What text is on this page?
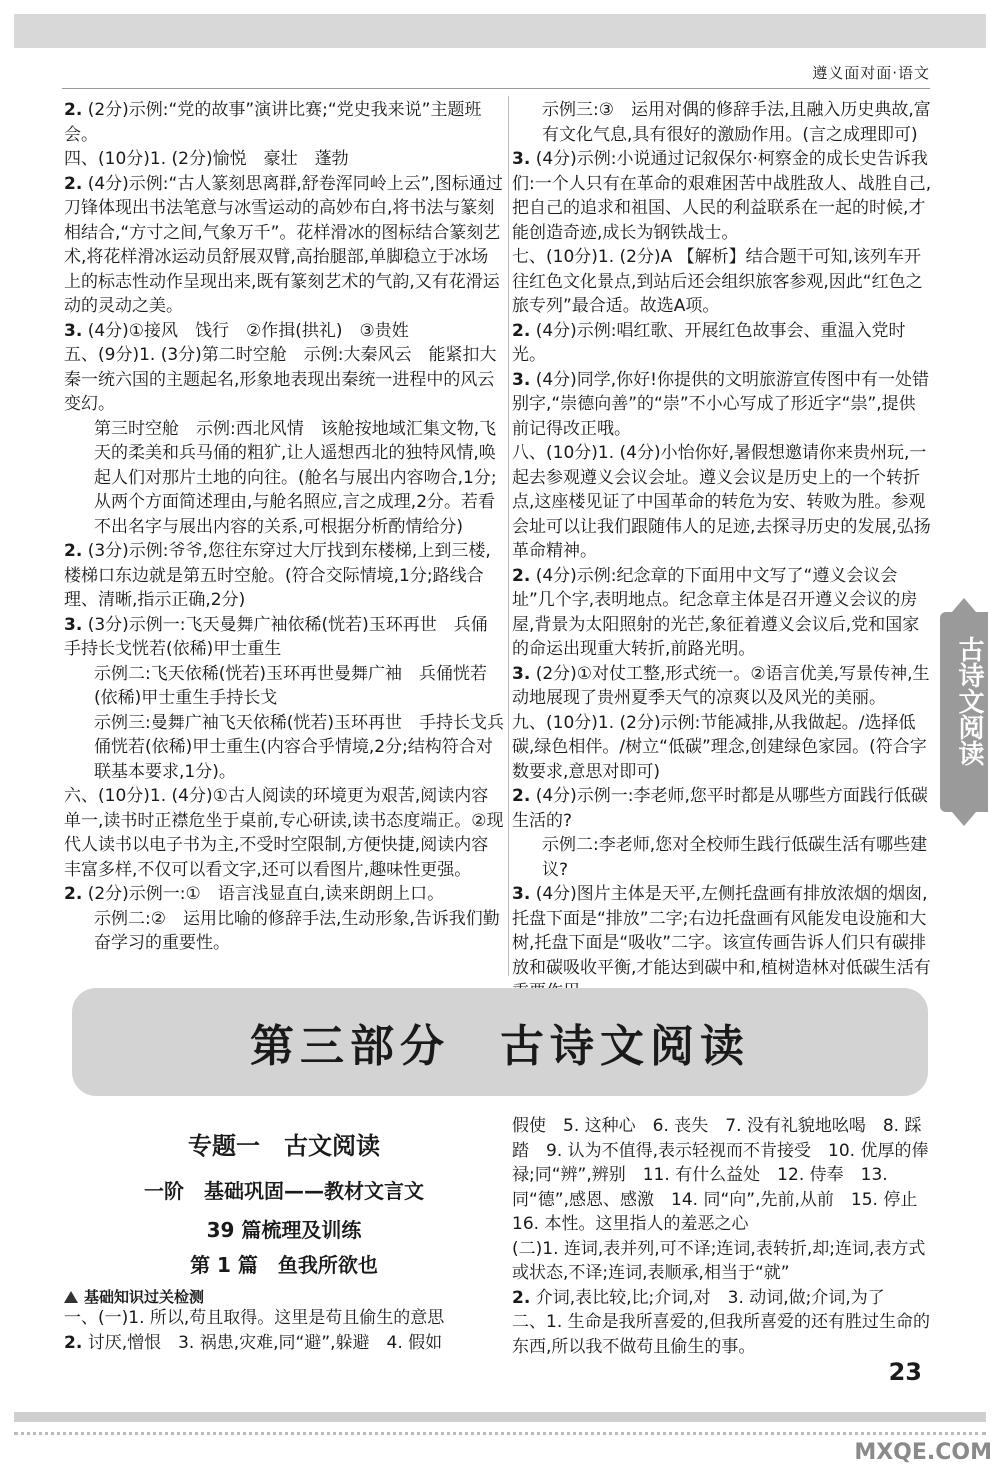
遵义面对面·语文

2. (2分)示例:“党的故事”演讲比赛;“党史我来说”主题班会。

四、(10分)1. (2分)愉悦　豪壮　蓬勃

2. (4分)示例:“古人篆刻思离群,舒卷浑同岭上云”,图标通过刀锋体现出书法笔意与冰雪运动的高妙布白,将书法与篆刻相结合,“方寸之间,气象万千”。花样滑冰的图标结合篆刻艺术,将花样滑冰运动员舒展双臂,高抬腿部,单脚稳立于冰场上的标志性动作呈现出来,既有篆刻艺术的气韵,又有花滑运动的灵动之美。

3. (4分)①接风　饯行　②作揖(拱礼)　③贵姓

五、(9分)1. (3分)第二时空舱　示例:大秦风云　能紧扣大秦一统六国的主题起名,形象地表现出秦统一进程中的风云变幻。

第三时空舱　示例:西北风情　该舱按地域汇集文物,飞天的柔美和兵马俑的粗犷,让人遥想西北的独特风情,唤起人们对那片土地的向往。(舱名与展出内容吻合,1分;从两个方面简述理由,与舱名照应,言之成理,2分。若看不出名字与展出内容的关系,可根据分析酌情给分)

2. (3分)示例:爷爷,您往东穿过大厅找到东楼梯,上到三楼,楼梯口东边就是第五时空舱。(符合交际情境,1分;路线合理、清晰,指示正确,2分)

3. (3分)示例一:飞天曼舞广袖依稀(恍若)玉环再世　兵俑手持长戈恍若(依稀)甲士重生

示例二:飞天依稀(恍若)玉环再世曼舞广袖　兵俑恍若(依稀)甲士重生手持长戈

示例三:曼舞广袖飞天依稀(恍若)玉环再世　手持长戈兵俑恍若(依稀)甲士重生(内容合乎情境,2分;结构符合对联基本要求,1分)。

六、(10分)1. (4分)①古人阅读的环境更为艰苦,阅读内容单一,读书时正襟危坐于桌前,专心研读,读书态度端正。②现代人读书以电子书为主,不受时空限制,方便快捷,阅读内容丰富多样,不仅可以看文字,还可以看图片,趣味性更强。

2. (2分)示例一:①　语言浅显直白,读来朗朗上口。

示例二:②　运用比喻的修辞手法,生动形象,告诉我们勤奋学习的重要性。

示例三:③　运用对偶的修辞手法,且融入历史典故,富有文化气息,具有很好的激励作用。(言之成理即可)

3. (4分)示例:小说通过记叙保尔·柯察金的成长史告诉我们:一个人只有在革命的艰难困苦中战胜敌人、战胜自己,把自己的追求和祖国、人民的利益联系在一起的时候,才能创造奇迹,成长为钢铁战士。

七、(10分)1. (2分)A 【解析】结合题干可知,该列车开往红色文化景点,到站后还会组织旅客参观,因此“红色之旅专列”最合适。故选A项。

2. (4分)示例:唱红歌、开展红色故事会、重温入党时光。

3. (4分)同学,你好!你提供的文明旅游宣传图中有一处错别字,“崇德向善”的“崇”不小心写成了形近字“祟”,提供前记得改正哦。

八、(10分)1. (4分)小怡你好,暑假想邀请你来贵州玩,一起去参观遵义会议会址。遵义会议是历史上的一个转折点,这座楼见证了中国革命的转危为安、转败为胜。参观会址可以让我们跟随伟人的足迹,去探寻历史的发展,弘扬革命精神。

2. (4分)示例:纪念章的下面用中文写了“遵义会议会址”几个字,表明地点。纪念章主体是召开遵义会议的房屋,背景为太阳照射的光芒,象征着遵义会议后,党和国家的命运出现重大转折,前路光明。

3. (2分)①对仗工整,形式统一。②语言优美,写景传神,生动地展现了贵州夏季天气的凉爽以及风光的美丽。

九、(10分)1. (2分)示例:节能减排,从我做起。/选择低碳,绿色相伴。/树立“低碳”理念,创建绿色家园。(符合字数要求,意思对即可)

2. (4分)示例一:李老师,您平时都是从哪些方面践行低碳生活的?

示例二:李老师,您对全校师生践行低碳生活有哪些建议?

3. (4分)图片主体是天平,左侧托盘画有排放浓烟的烟囱,托盘下面是“排放”二字;右边托盘画有风能发电设施和大树,托盘下面是“吸收”二字。该宣传画告诉人们只有碳排放和碳吸收平衡,才能达到碳中和,植树造林对低碳生活有

古诗文阅读
第三部分　古诗文阅读

专题一　古文阅读

一阶　基础巩固——教材文言文

39 篇梳理及训练

第 1 篇　鱼我所欲也

基础知识过关检测

一、(一)1. 所以,苟且取得。这里是苟且偷生的意思

2. 讨厌,憎恨　3. 祸患,灾难,同“避”,躲避　4. 假如

假使　5. 这种心　6. 丧失　7. 没有礼貌地吆喝　8. 踩踏　9. 认为不值得,表示轻视而不肯接受　10. 优厚的俸禄;同“辨”,辨别　11. 有什么益处　12. 侍奉　13. 同“德”,感恩、感激　14. 同“向”,先前,从前　15. 停止　16. 本性。这里指人的羞恶之心

(二)1. 连词,表并列,可不译;连词,表转折,却;连词,表方式或状态,不译;连词,表顺承,相当于“就”

2. 介词,表比较,比;介词,对　3. 动词,做;介词,为了

二、1. 生命是我所喜爱的,但我所喜爱的还有胜过生命的东西,所以我不做苟且偷生的事。

23
MXQE.COM
